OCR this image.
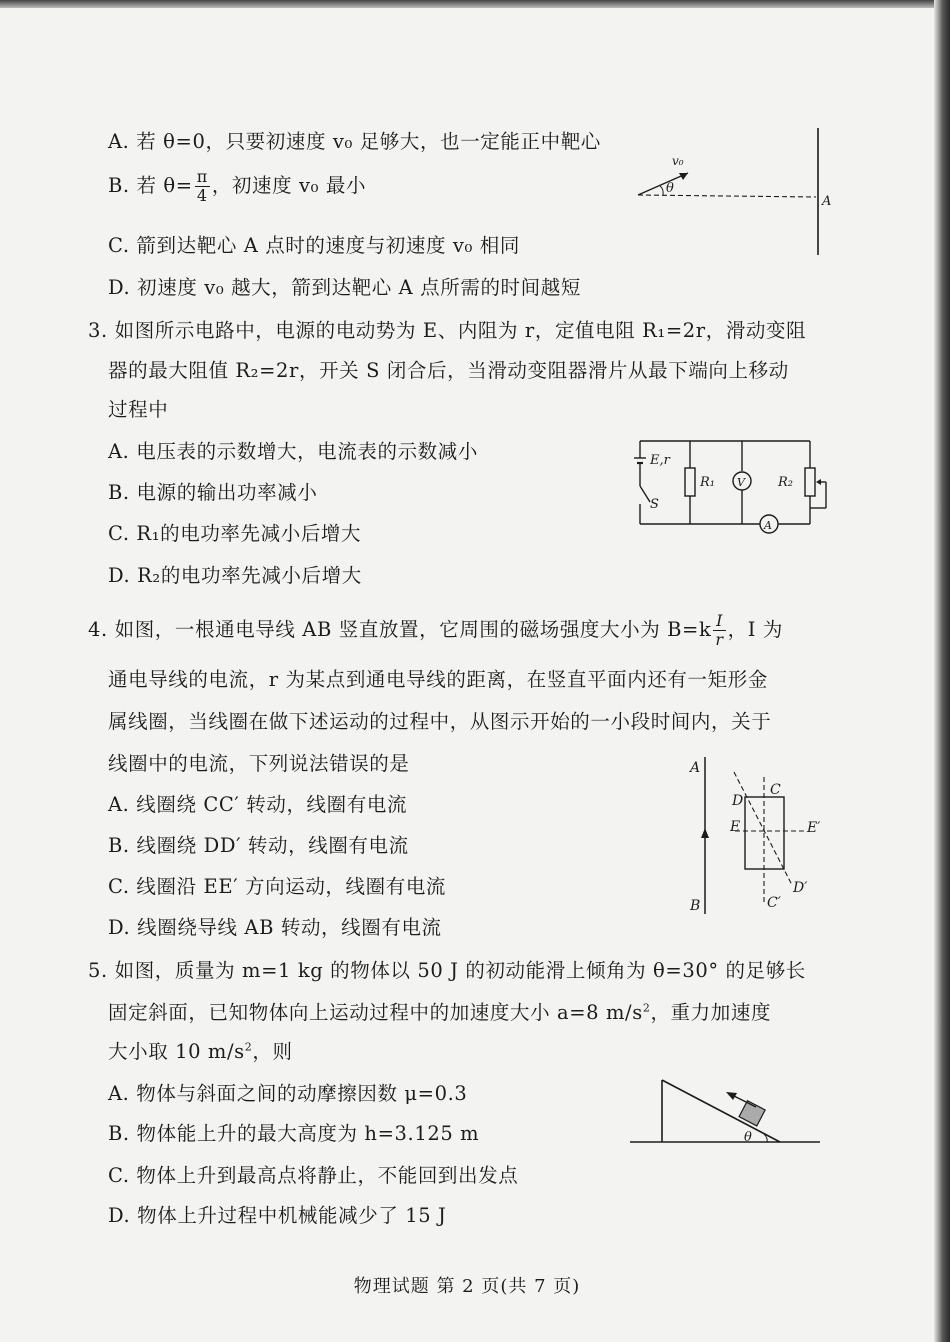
A. 若 θ=0，只要初速度 v₀ 足够大，也一定能正中靶心
B. 若 $\theta= \frac{\pi}{4}$ ，初速度 v₀ 最小
C. 箭到达靶心 A 点时的速度与初速度 v₀ 相同
D. 初速度 v₀ 越大，箭到达靶心 A 点所需的时间越短
v₀
θ
A
3. 如图所示电路中，电源的电动势为 E、内阻为 r，定值电阻 R₁=2r，滑动变阻
器的最大阻值 R₂=2r，开关 S 闭合后，当滑动变阻器滑片从最下端向上移动
过程中
A. 电压表的示数增大，电流表的示数减小
B. 电源的输出功率减小
C. R₁的电功率先减小后增大
D. R₂的电功率先减小后增大
E,r
R₁ V	R₂
A
S
4. 如图，一根通电导线 AB 竖直放置，它周围的磁场强度大小为 $B=k \frac{I}{r}$ ，I 为
通电导线的电流，r 为某点到通电导线的距离，在竖直平面内还有一矩形金
属线圈，当线圈在做下述运动的过程中，从图示开始的一小段时间内，关于
线圈中的电流，下列说法错误的是
A. 线圈绕 CC′ 转动，线圈有电流
B. 线圈绕 DD′ 转动，线圈有电流
C. 线圈沿 EE′ 方向运动，线圈有电流
D. 线圈绕导线 AB 转动，线圈有电流
A
B
C
C′
D
D′
E	E′
5. 如图，质量为 m=1 kg 的物体以 50 J 的初动能滑上倾角为 θ=30° 的足够长
固定斜面，已知物体向上运动过程中的加速度大小 a=8 $m/s^2$，重力加速度
大小取 10 $m/s^2$，则
A. 物体与斜面之间的动摩擦因数 μ=0.3
B. 物体能上升的最大高度为 h=3.125 m
C. 物体上升到最高点将静止，不能回到出发点
D. 物体上升过程中机械能减少了 15 J
θ
物理试题 第 2 页(共 7 页)
